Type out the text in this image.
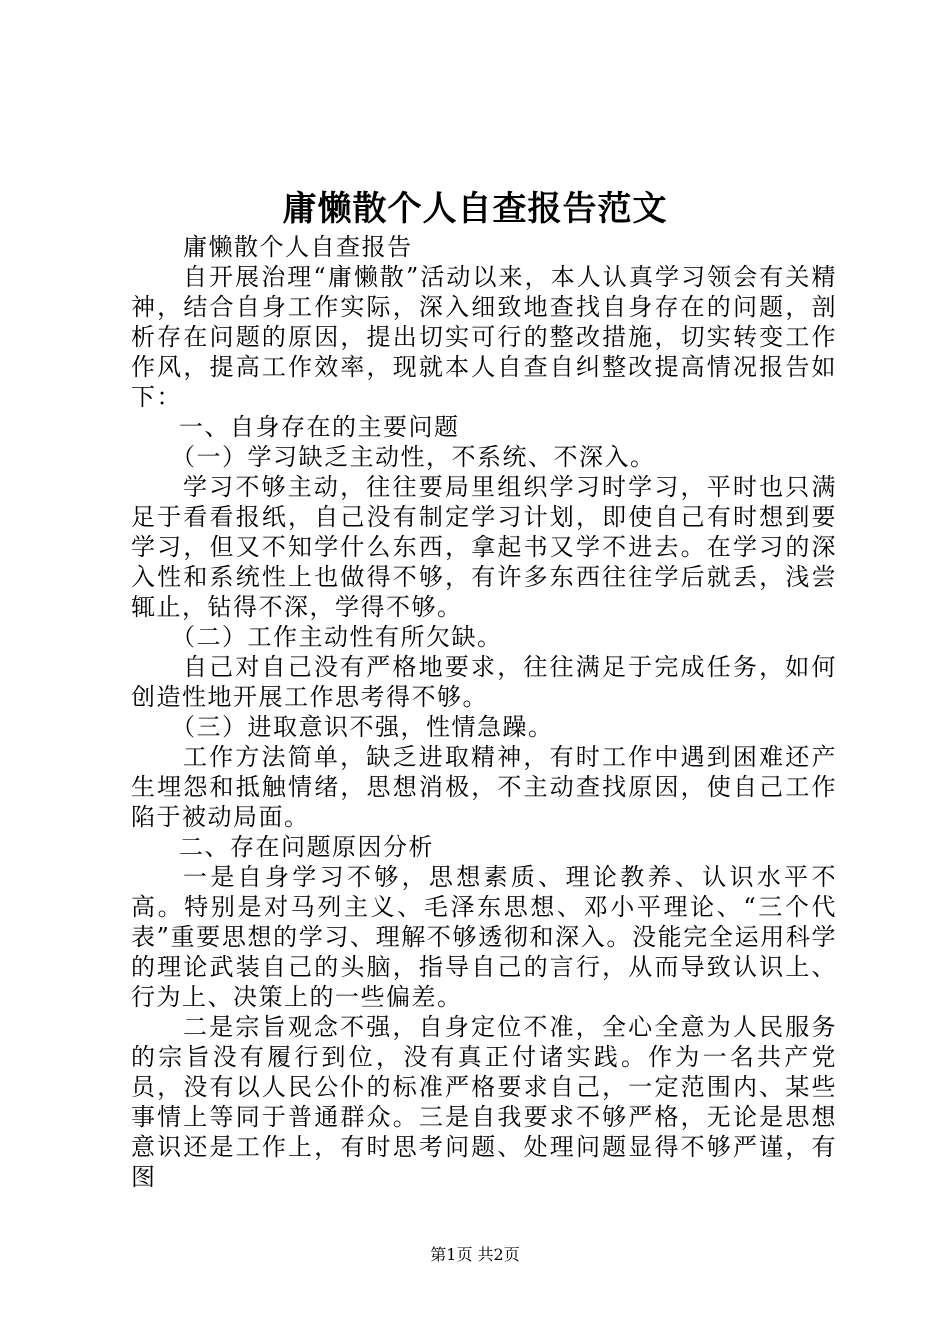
庸懒散个人自查报告范文

庸懒散个人自查报告

自开展治理“庸懒散”活动以来，本人认真学习领会有关精神，结合自身工作实际，深入细致地查找自身存在的问题，剖析存在问题的原因，提出切实可行的整改措施，切实转变工作作风，提高工作效率，现就本人自查自纠整改提高情况报告如下：

一、自身存在的主要问题

（一）学习缺乏主动性，不系统、不深入。

学习不够主动，往往要局里组织学习时学习，平时也只满足于看看报纸，自己没有制定学习计划，即使自己有时想到要学习，但又不知学什么东西，拿起书又学不进去。在学习的深入性和系统性上也做得不够，有许多东西往往学后就丢，浅尝辄止，钻得不深，学得不够。

（二）工作主动性有所欠缺。

自己对自己没有严格地要求，往往满足于完成任务，如何创造性地开展工作思考得不够。

（三）进取意识不强，性情急躁。

工作方法简单，缺乏进取精神，有时工作中遇到困难还产生埋怨和抵触情绪，思想消极，不主动查找原因，使自己工作陷于被动局面。

二、存在问题原因分析

一是自身学习不够，思想素质、理论教养、认识水平不高。特别是对马列主义、毛泽东思想、邓小平理论、“三个代表”重要思想的学习、理解不够透彻和深入。没能完全运用科学的理论武装自己的头脑，指导自己的言行，从而导致认识上、行为上、决策上的一些偏差。

二是宗旨观念不强，自身定位不准，全心全意为人民服务的宗旨没有履行到位，没有真正付诸实践。作为一名共产党员，没有以人民公仆的标准严格要求自己，一定范围内、某些事情上等同于普通群众。三是自我要求不够严格，无论是思想意识还是工作上，有时思考问题、处理问题显得不够严谨，有图

第1页 共2页
